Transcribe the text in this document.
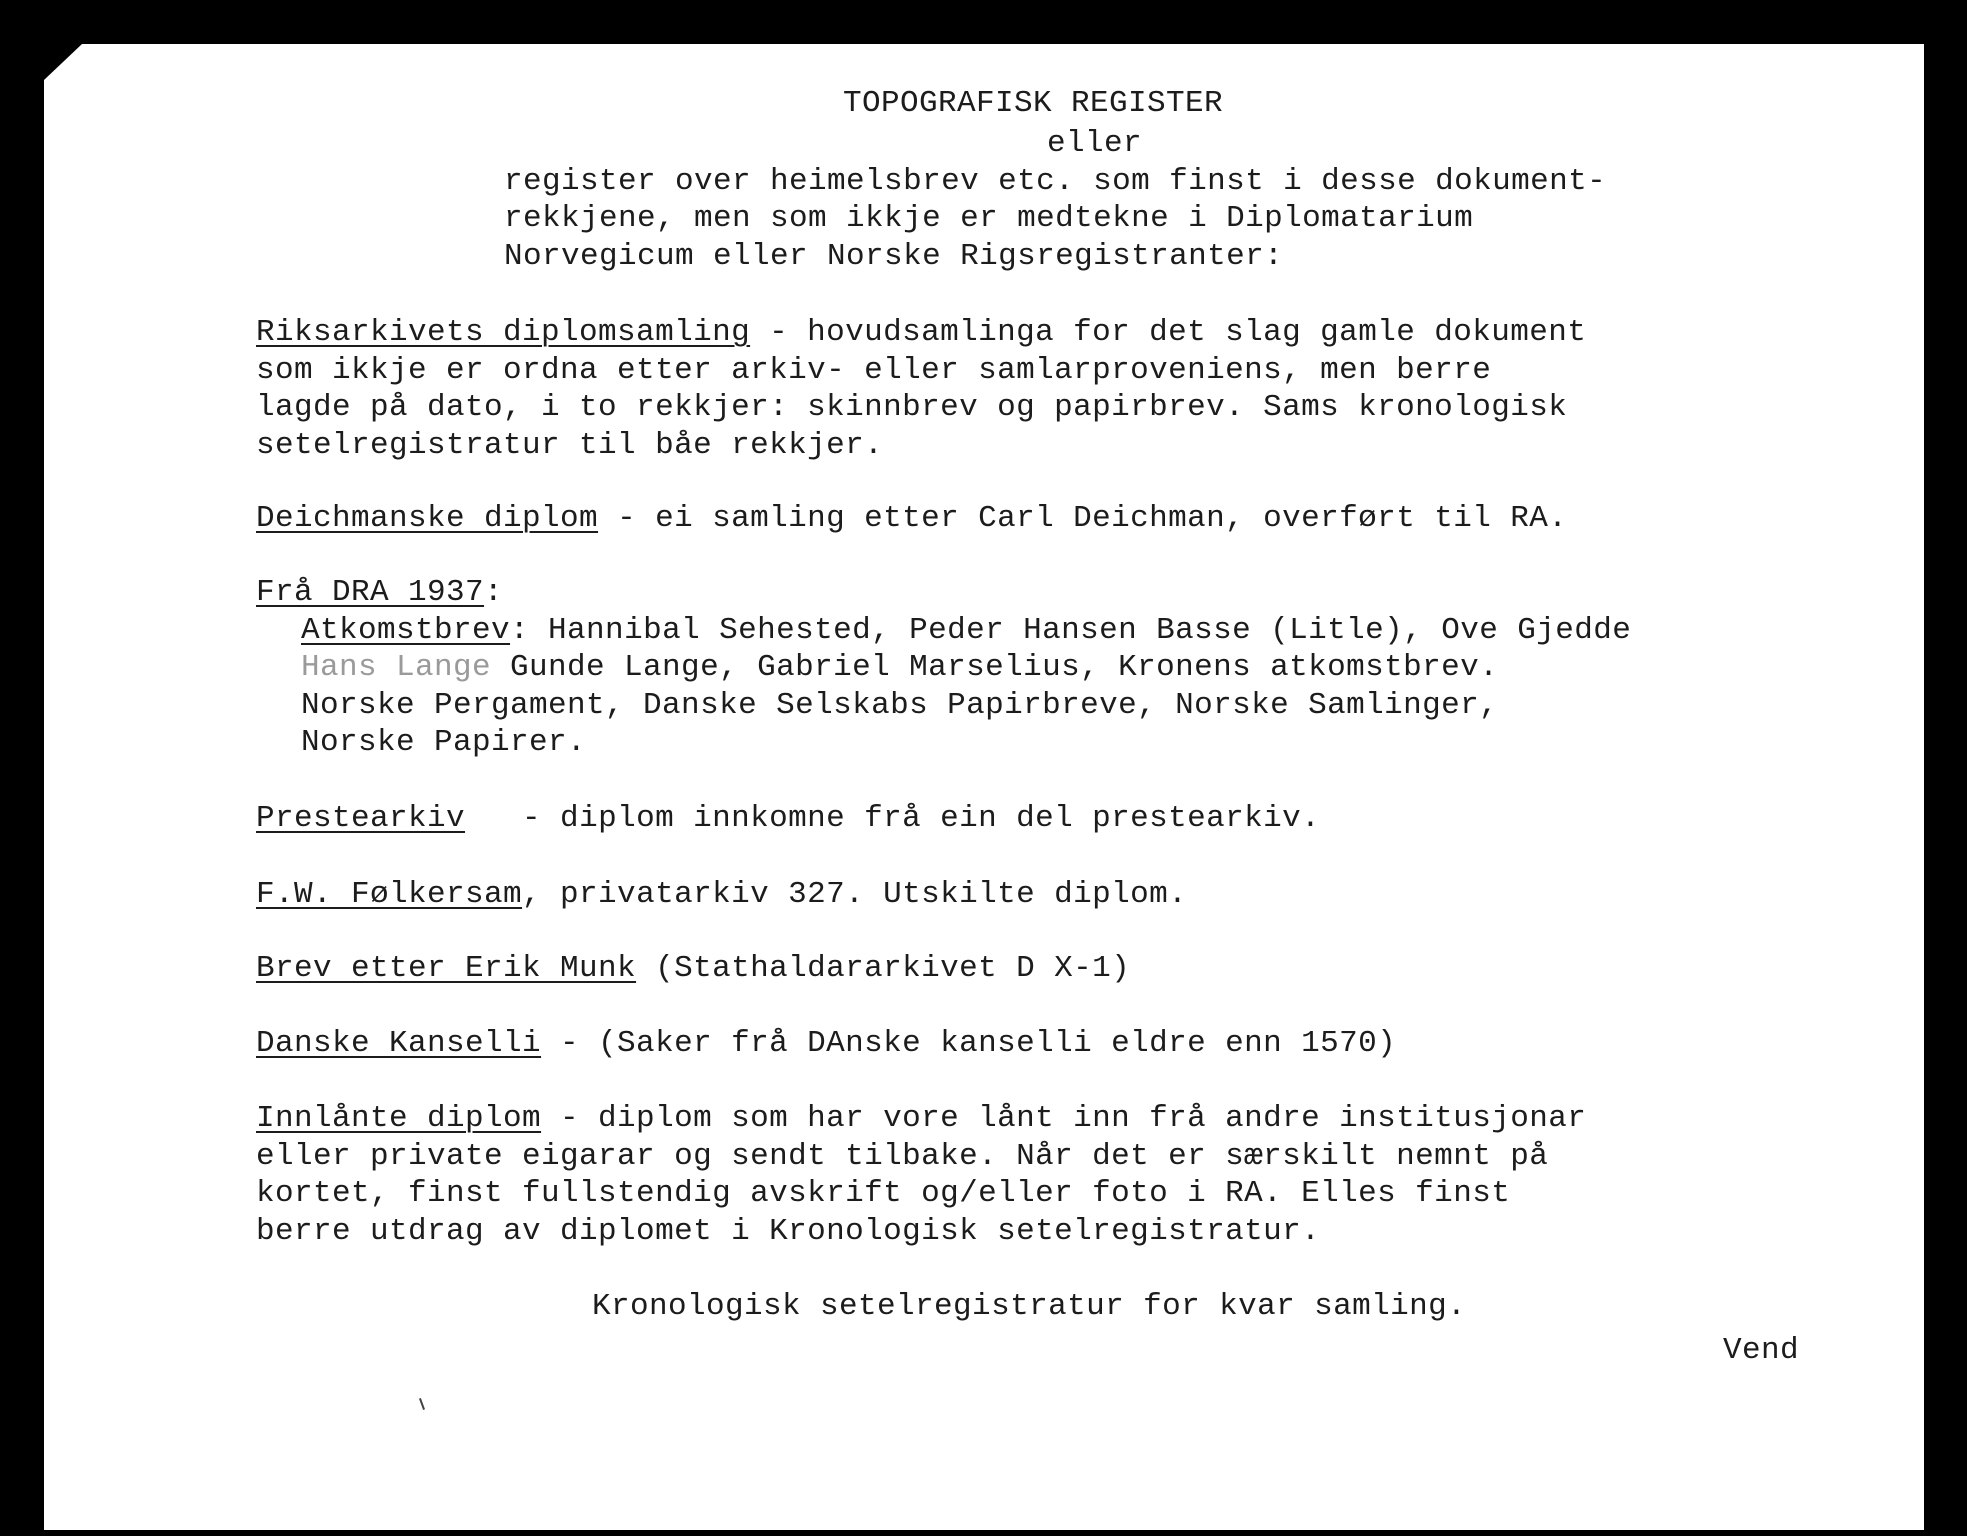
TOPOGRAFISK REGISTER
eller
register over heimelsbrev etc. som finst i desse dokument-
rekkjene, men som ikkje er medtekne i Diplomatarium
Norvegicum eller Norske Rigsregistranter:
Riksarkivets diplomsamling - hovudsamlinga for det slag gamle dokument
som ikkje er ordna etter arkiv- eller samlarproveniens, men berre
lagde på dato, i to rekkjer: skinnbrev og papirbrev. Sams kronologisk
setelregistratur til båe rekkjer.
Deichmanske diplom - ei samling etter Carl Deichman, overført til RA.
Frå DRA 1937:
Atkomstbrev: Hannibal Sehested, Peder Hansen Basse (Litle), Ove Gjedde
Hans Lange Gunde Lange, Gabriel Marselius, Kronens atkomstbrev.
Norske Pergament, Danske Selskabs Papirbreve, Norske Samlinger,
Norske Papirer.
Prestearkiv   - diplom innkomne frå ein del prestearkiv.
F.W. Følkersam, privatarkiv 327. Utskilte diplom.
Brev etter Erik Munk (Stathaldararkivet D X-1)
Danske Kanselli - (Saker frå DAnske kanselli eldre enn 1570)
Innlånte diplom - diplom som har vore lånt inn frå andre institusjonar
eller private eigarar og sendt tilbake. Når det er særskilt nemnt på
kortet, finst fullstendig avskrift og/eller foto i RA. Elles finst
berre utdrag av diplomet i Kronologisk setelregistratur.
Kronologisk setelregistratur for kvar samling.
Vend
